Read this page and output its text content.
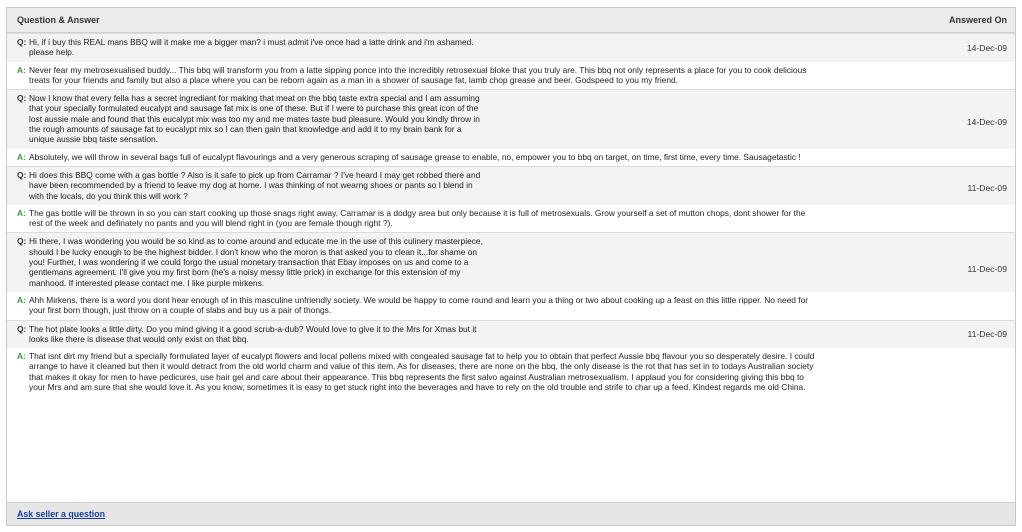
Question & Answer	Answered On
Q: Hi, if i buy this REAL mans BBQ will it make me a bigger man? i must admit i've once had a latte drink and i'm ashamed. please help.	14-Dec-09
A: Never fear my metrosexualised buddy... This bbq will transform you from a latte sipping ponce into the incredibly retrosexual bloke that you truly are. This bbq not only represents a place for you to cook delicious treats for your friends and family but also a place where you can be reborn again as a man in a shower of sausage fat, lamb chop grease and beer. Godspeed to you my friend.
Q: Now I know that every fella has a secret ingrediant for making that meat on the bbq taste extra special and I am assuming that your specially formulated eucalypt and sausage fat mix is one of these. But if I were to purchase this great icon of the lost aussie male and found that this eucalypt mix was too my and me mates taste bud pleasure. Would you kindly throw in the rough amounts of sausage fat to eucalypt mix so I can then gain that knowledge and add it to my brain bank for a unique aussie bbq taste sensation.
14-Dec-09
A: Absolutely, we will throw in several bags full of eucalypt flavourings and a very generous scraping of sausage grease to enable, no, empower you to bbq on target, on time, first time, every time. Sausagetastic !
Q: Hi does this BBQ come with a gas bottle ? Also is it safe to pick up from Carramar ? I've heard I may get robbed there and have been recommended by a friend to leave my dog at home. I was thinking of not wearng shoes or pants so I blend in with the locals, do you think this will work ?
11-Dec-09
A: The gas bottle will be thrown in so you can start cooking up those snags right away. Carramar is a dodgy area but only because it is full of metrosexuals. Grow yourself a set of mutton chops, dont shower for the rest of the week and definately no pants and you will blend right in (you are female though right ?).
Q: Hi there, I was wondering you would be so kind as to come around and educate me in the use of this culinery masterpiece, should I be lucky enough to be the highest bidder. I don't know who the moron is that asked you to clean it...for shame on you! Further, I was wondering if we could forgo the usual monetary transaction that Ebay imposes on us and come to a gentlemans agreement. I'll give you my first born (he's a noisy messy little prick) in exchange for this extension of my manhood. If interested please contact me. I like purple mirkens.
11-Dec-09
A: Ahh Mirkens, there is a word you dont hear enough of in this masculine unfriendly society. We would be happy to come round and learn you a thing or two about cooking up a feast on this little ripper. No need for your first born though, just throw on a couple of slabs and buy us a pair of thongs.
Q: The hot plate looks a little dirty. Do you mind giving it a good scrub-a-dub? Would love to give it to the Mrs for Xmas but it looks like there is disease that would only exist on that bbq.
11-Dec-09
A: That isnt dirt my friend but a specially formulated layer of eucalypt flowers and local pollens mixed with congealed sausage fat to help you to obtain that perfect Aussie bbq flavour you so desperately desire. I could arrange to have it cleaned but then it would detract from the old world charm and value of this item. As for diseases, there are none on the bbq, the only disease is the rot that has set in to todays Australian society that makes it okay for men to have pedicures, use hair gel and care about their appearance. This bbq represents the first salvo against Australian metrosexualism. I applaud you for considering giving this bbq to your Mrs and am sure that she would love it. As you know, sometimes it is easy to get stuck right into the beverages and have to rely on the old trouble and strife to char up a feed. Kindest regards me old China.
Ask seller a question
